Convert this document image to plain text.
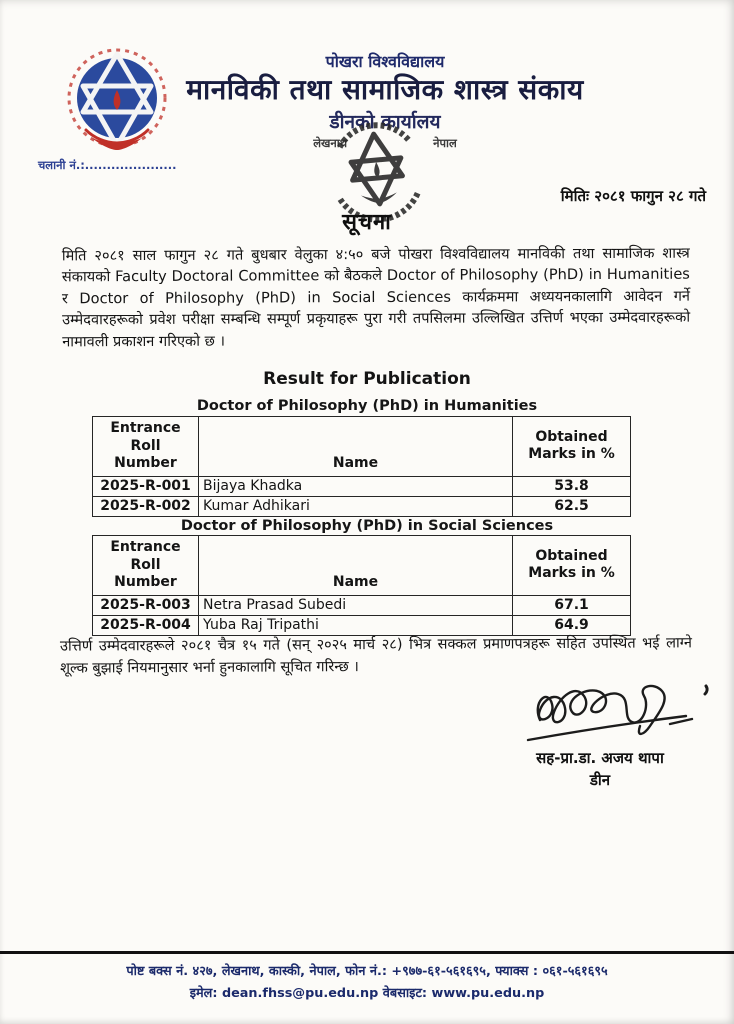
पोखरा विश्वविद्यालय
मानविकी तथा सामाजिक शास्त्र संकाय
डीनको कार्यालय
लेखनाथ	नेपाल
चलानी नं.:.....................
मितिः २०८१ फागुन २८ गते
सूचना
मिति २०८१ साल फागुन २८ गते बुधबार वेलुका ४:५० बजे पोखरा विश्वविद्यालय मानविकी तथा सामाजिक शास्त्र संकायको Faculty Doctoral Committee को बैठकले Doctor of Philosophy (PhD) in Humanities र Doctor of Philosophy (PhD) in Social Sciences कार्यक्रममा अध्ययनकालागि आवेदन गर्ने उम्मेदवारहरूको प्रवेश परीक्षा सम्बन्धि सम्पूर्ण प्रकृयाहरू पुरा गरी तपसिलमा उल्लिखित उत्तिर्ण भएका उम्मेदवारहरूको नामावली प्रकाशन गरिएको छ ।
Result for Publication
Doctor of Philosophy (PhD) in Humanities
Entrance Roll Number	Name	Obtained Marks in %
2025-R-001	Bijaya Khadka	53.8
2025-R-002	Kumar Adhikari	62.5
Doctor of Philosophy (PhD) in Social Sciences
Entrance Roll Number	Name	Obtained Marks in %
2025-R-003	Netra Prasad Subedi	67.1
2025-R-004	Yuba Raj Tripathi	64.9
उत्तिर्ण उम्मेदवारहरूले २०८१ चैत्र १५ गते (सन् २०२५ मार्च २८) भित्र सक्कल प्रमाणपत्रहरू सहित उपस्थित भई लाग्ने शूल्क बुझाई नियमानुसार भर्ना हुनकालागि सूचित गरिन्छ ।
सह-प्रा.डा. अजय थापा
डीन
पोष्ट बक्स नं. ४२७, लेखनाथ, कास्की, नेपाल, फोन नं.: +९७७-६१-५६१६९५, फ्याक्स : ०६१-५६१६९५
इमेल: dean.fhss@pu.edu.np वेबसाइट: www.pu.edu.np
